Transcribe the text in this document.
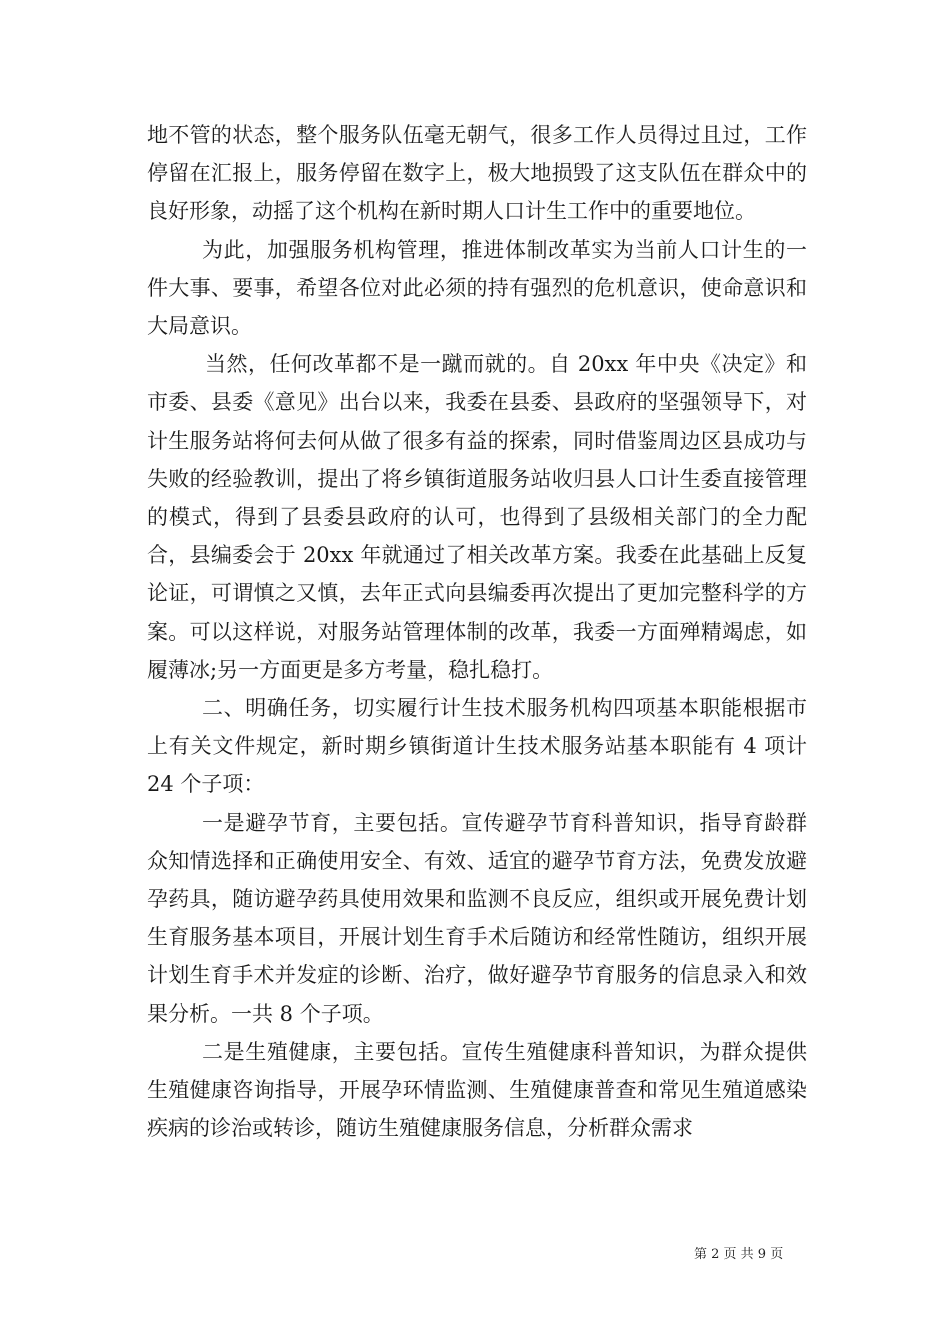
地不管的状态，整个服务队伍毫无朝气，很多工作人员得过且过，工作停留在汇报上，服务停留在数字上，极大地损毁了这支队伍在群众中的良好形象，动摇了这个机构在新时期人口计生工作中的重要地位。

为此，加强服务机构管理，推进体制改革实为当前人口计生的一件大事、要事，希望各位对此必须的持有强烈的危机意识，使命意识和大局意识。

当然，任何改革都不是一蹴而就的。自 20xx 年中央《决定》和市委、县委《意见》出台以来，我委在县委、县政府的坚强领导下，对计生服务站将何去何从做了很多有益的探索，同时借鉴周边区县成功与失败的经验教训，提出了将乡镇街道服务站收归县人口计生委直接管理的模式，得到了县委县政府的认可，也得到了县级相关部门的全力配合，县编委会于 20xx 年就通过了相关改革方案。我委在此基础上反复论证，可谓慎之又慎，去年正式向县编委再次提出了更加完整科学的方案。可以这样说，对服务站管理体制的改革，我委一方面殚精竭虑，如履薄冰;另一方面更是多方考量，稳扎稳打。

二、明确任务，切实履行计生技术服务机构四项基本职能根据市上有关文件规定，新时期乡镇街道计生技术服务站基本职能有 4 项计 24 个子项：

一是避孕节育，主要包括。宣传避孕节育科普知识，指导育龄群众知情选择和正确使用安全、有效、适宜的避孕节育方法，免费发放避孕药具，随访避孕药具使用效果和监测不良反应，组织或开展免费计划生育服务基本项目，开展计划生育手术后随访和经常性随访，组织开展计划生育手术并发症的诊断、治疗，做好避孕节育服务的信息录入和效果分析。一共 8 个子项。

二是生殖健康，主要包括。宣传生殖健康科普知识，为群众提供生殖健康咨询指导，开展孕环情监测、生殖健康普查和常见生殖道感染疾病的诊治或转诊，随访生殖健康服务信息，分析群众需求

第 2 页 共 9 页
